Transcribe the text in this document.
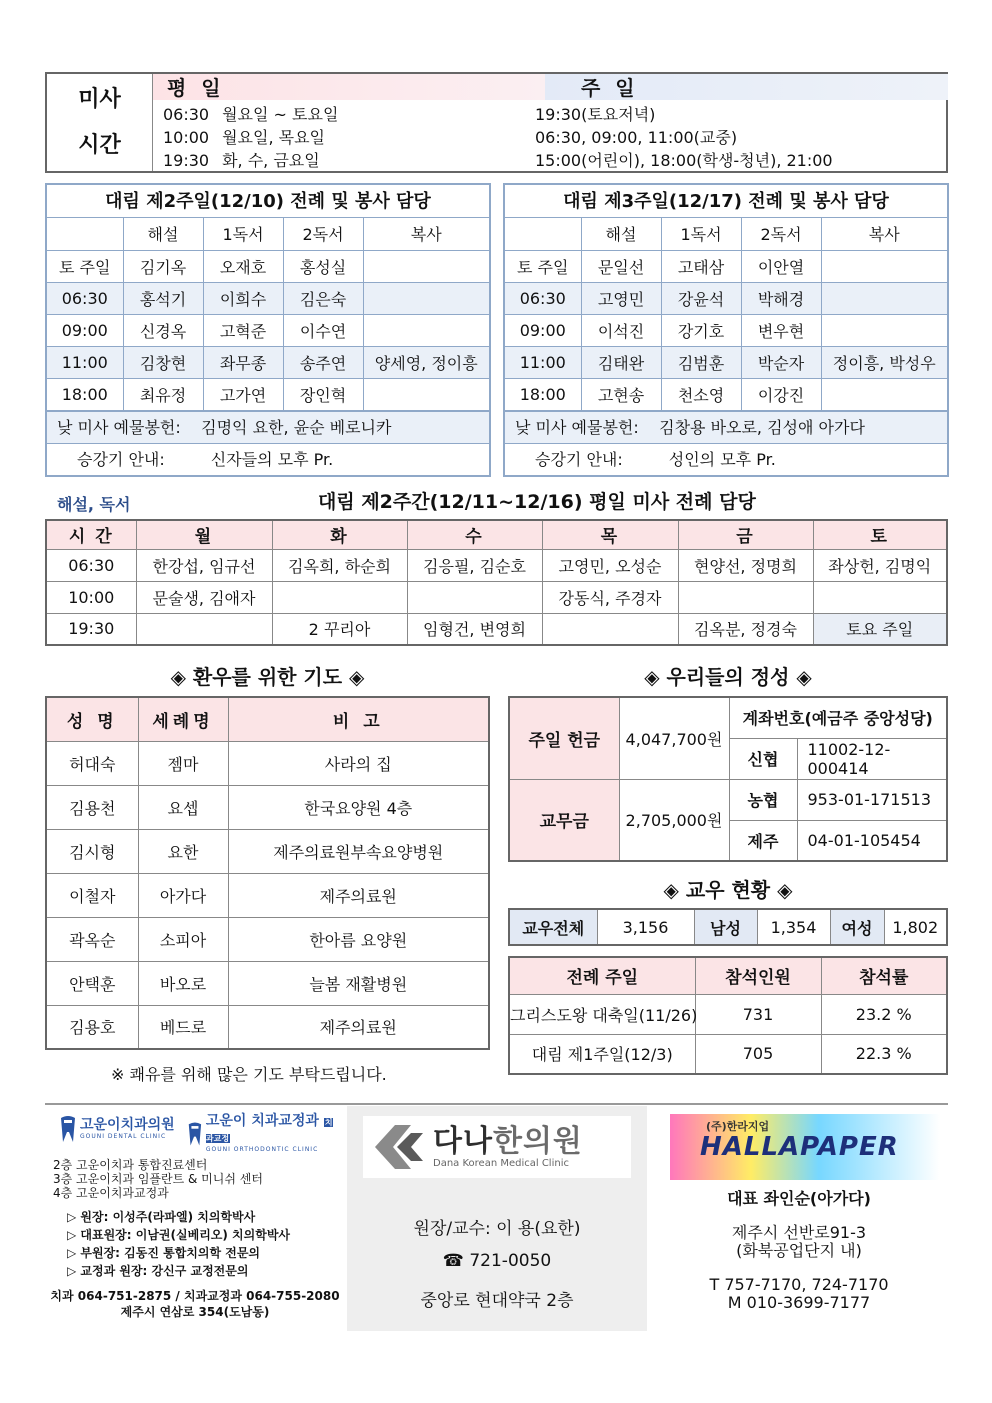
미사
시간
평 일	주 일
06:30 월요일 ~ 토요일
10:00 월요일, 목요일
19:30 화, 수, 금요일
19:30(토요저녁)
06:30, 09:00, 11:00(교중)
15:00(어린이), 18:00(학생-청년), 21:00
대림 제2주일(12/10) 전례 및 봉사 담당
	해설	1독서	2독서	복사
토 주일	김기옥	오재호	홍성실	
06:30	홍석기	이희수	김은숙	
09:00	신경옥	고혁준	이수연	
11:00	김창현	좌무종	송주연	양세영, 정이흥
18:00	최유정	고가연	장인혁	
낮 미사 예물봉헌: 김명익 요한, 윤순 베로니카
승강기 안내:	신자들의 모후 Pr.
대림 제3주일(12/17) 전례 및 봉사 담당
	해설	1독서	2독서	복사
토 주일	문일선	고태삼	이안열	
06:30	고영민	강윤석	박해경	
09:00	이석진	강기호	변우현	
11:00	김태완	김범훈	박순자	정이흥, 박성우
18:00	고현송	천소영	이강진	
낮 미사 예물봉헌: 김창용 바오로, 김성애 아가다
승강기 안내:	성인의 모후 Pr.
해설, 독서	대림 제2주간(12/11~12/16) 평일 미사 전례 담당
시 간	월	화	수	목	금	토
06:30	한강섭, 임규선	김옥희, 하순희	김응필, 김순호	고영민, 오성순	현양선, 정명희	좌상헌, 김명익
10:00	문술생, 김애자			강동식, 주경자		
19:30		2 꾸리아	임형건, 변영희		김옥분, 정경숙	토요 주일
◈ 환우를 위한 기도 ◈
성 명	세례명	비 고
허대숙	젬마	사라의 집
김용천	요셉	한국요양원 4층
김시형	요한	제주의료원부속요양병원
이철자	아가다	제주의료원
곽옥순	소피아	한아름 요양원
안택훈	바오로	늘봄 재활병원
김용호	베드로	제주의료원
※ 쾌유를 위해 많은 기도 부탁드립니다.
◈ 우리들의 정성 ◈
주일 헌금	4,047,700원	계좌번호(예금주 중앙성당)	
		신협	11002-12-000414
교무금	2,705,000원	농협	953-01-171513
		제주	04-01-105454
◈ 교우 현황 ◈
교우전체	3,156	남성	1,354	여성	1,802
전례 주일	참석인원	참석률
그리스도왕 대축일(11/26)	731	23.2 %
대림 제1주일(12/3)	705	22.3 %
고운이치과의원
GOUNI DENTAL CLINIC
고운이 치과교정과 치과교정
GOUNI ORTHODONTIC CLINIC
2층 고운이치과 통합진료센터
3층 고운이치과 임플란트 & 미니쉬 센터
4층 고운이치과교정과
▷ 원장: 이성주(라파엘) 치의학박사
▷ 대표원장: 이남권(실베리오) 치의학박사
▷ 부원장: 김동진 통합치의학 전문의
▷ 교정과 원장: 강신구 교정전문의
치과 064-751-2875 / 치과교정과 064-755-2080
제주시 연삼로 354(도남동)
다나한의원
Dana Korean Medical Clinic
원장/교수: 이 용(요한)
☎ 721-0050
중앙로 현대약국 2층
(주)한라지업
HALLAPAPER
대표 좌인순(아가다)
제주시 선반로91-3
(화북공업단지 내)
T 757-7170, 724-7170
M 010-3699-7177
